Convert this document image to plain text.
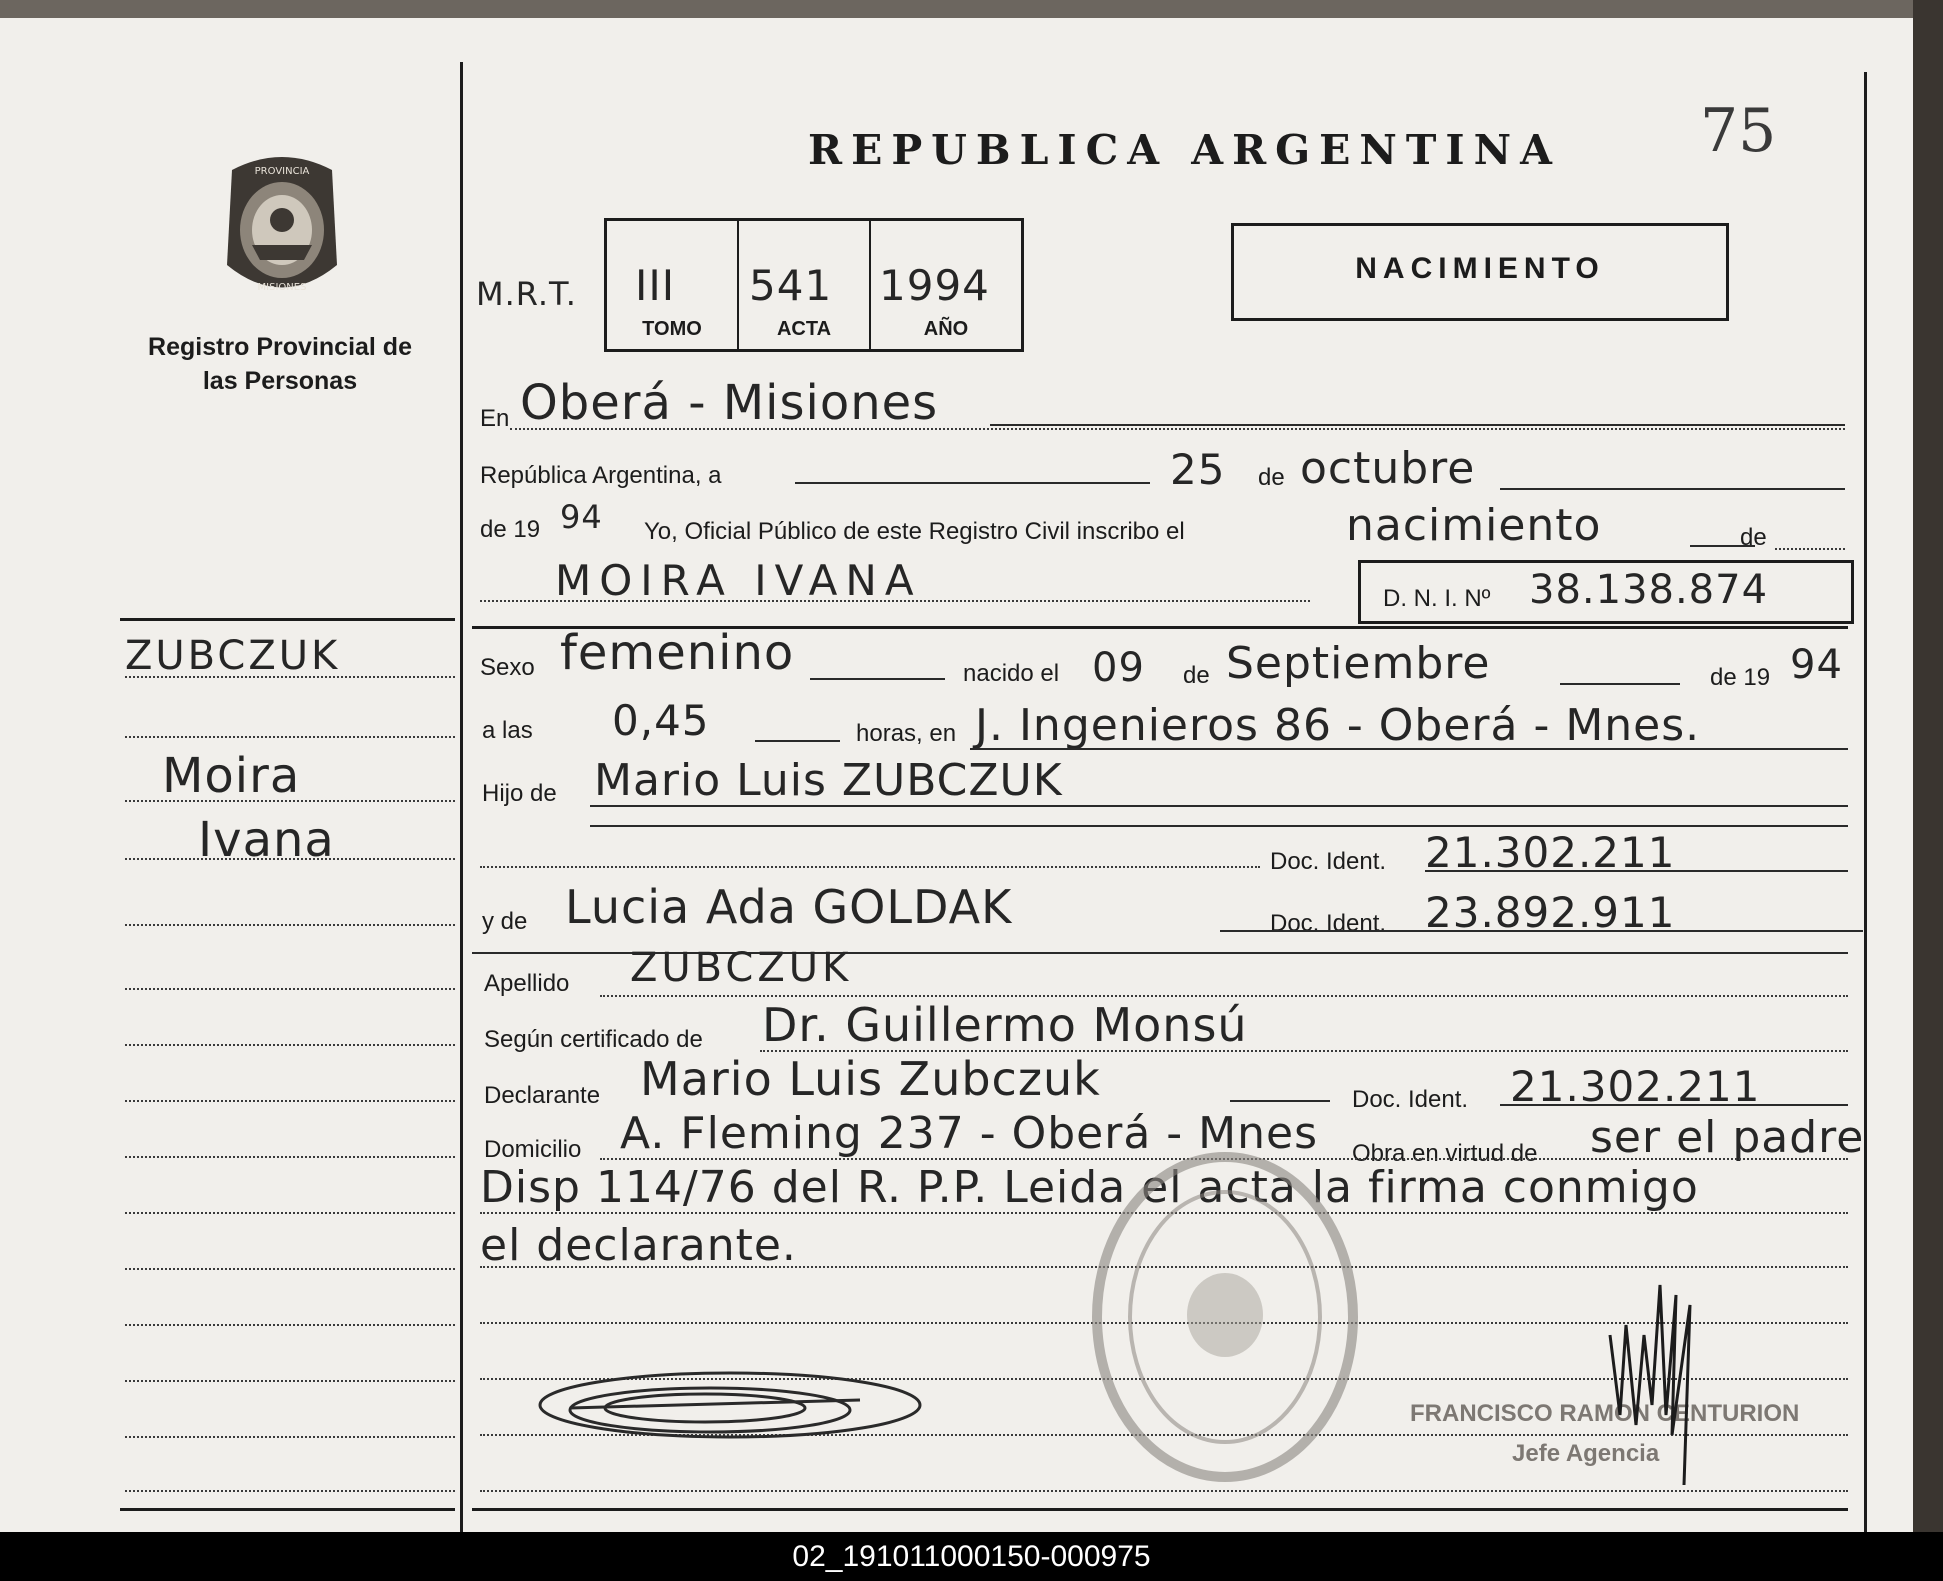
PROVINCIA
MISIONES
Registro Provincial de las Personas
75
REPUBLICA ARGENTINA
M.R.T. III
TOMO
541
ACTA
1994
AÑO
NACIMIENTO
En Oberá - Misiones
República Argentina, a	25 de octubre
de 19 94 Yo, Oficial Público de este Registro Civil inscribo el	nacimiento	de
MOIRA IVANA	D. N. I. Nº 38.138.874
Sexo femenino	nacido el 09 de Septiembre	de 19 94
a las 0,45	horas, en J. Ingenieros 86 - Oberá - Mnes.
Hijo de Mario Luis ZUBCZUK
Doc. Ident. 21.302.211
y de Lucia Ada GOLDAK	Doc. Ident. 23.892.911
Apellido ZUBCZUK
Según certificado de Dr. Guillermo Monsú
Declarante Mario Luis Zubczuk	Doc. Ident. 21.302.211
Domicilio A. Fleming 237 - Oberá - Mnes Obra en virtud de ser el padre
Disp 114/76 del R. P.P. Leida el acta la firma conmigo
el declarante.
FRANCISCO RAMON CENTURION
Jefe Agencia
ZUBCZUK
Moira
Ivana
02_191011000150-000975
